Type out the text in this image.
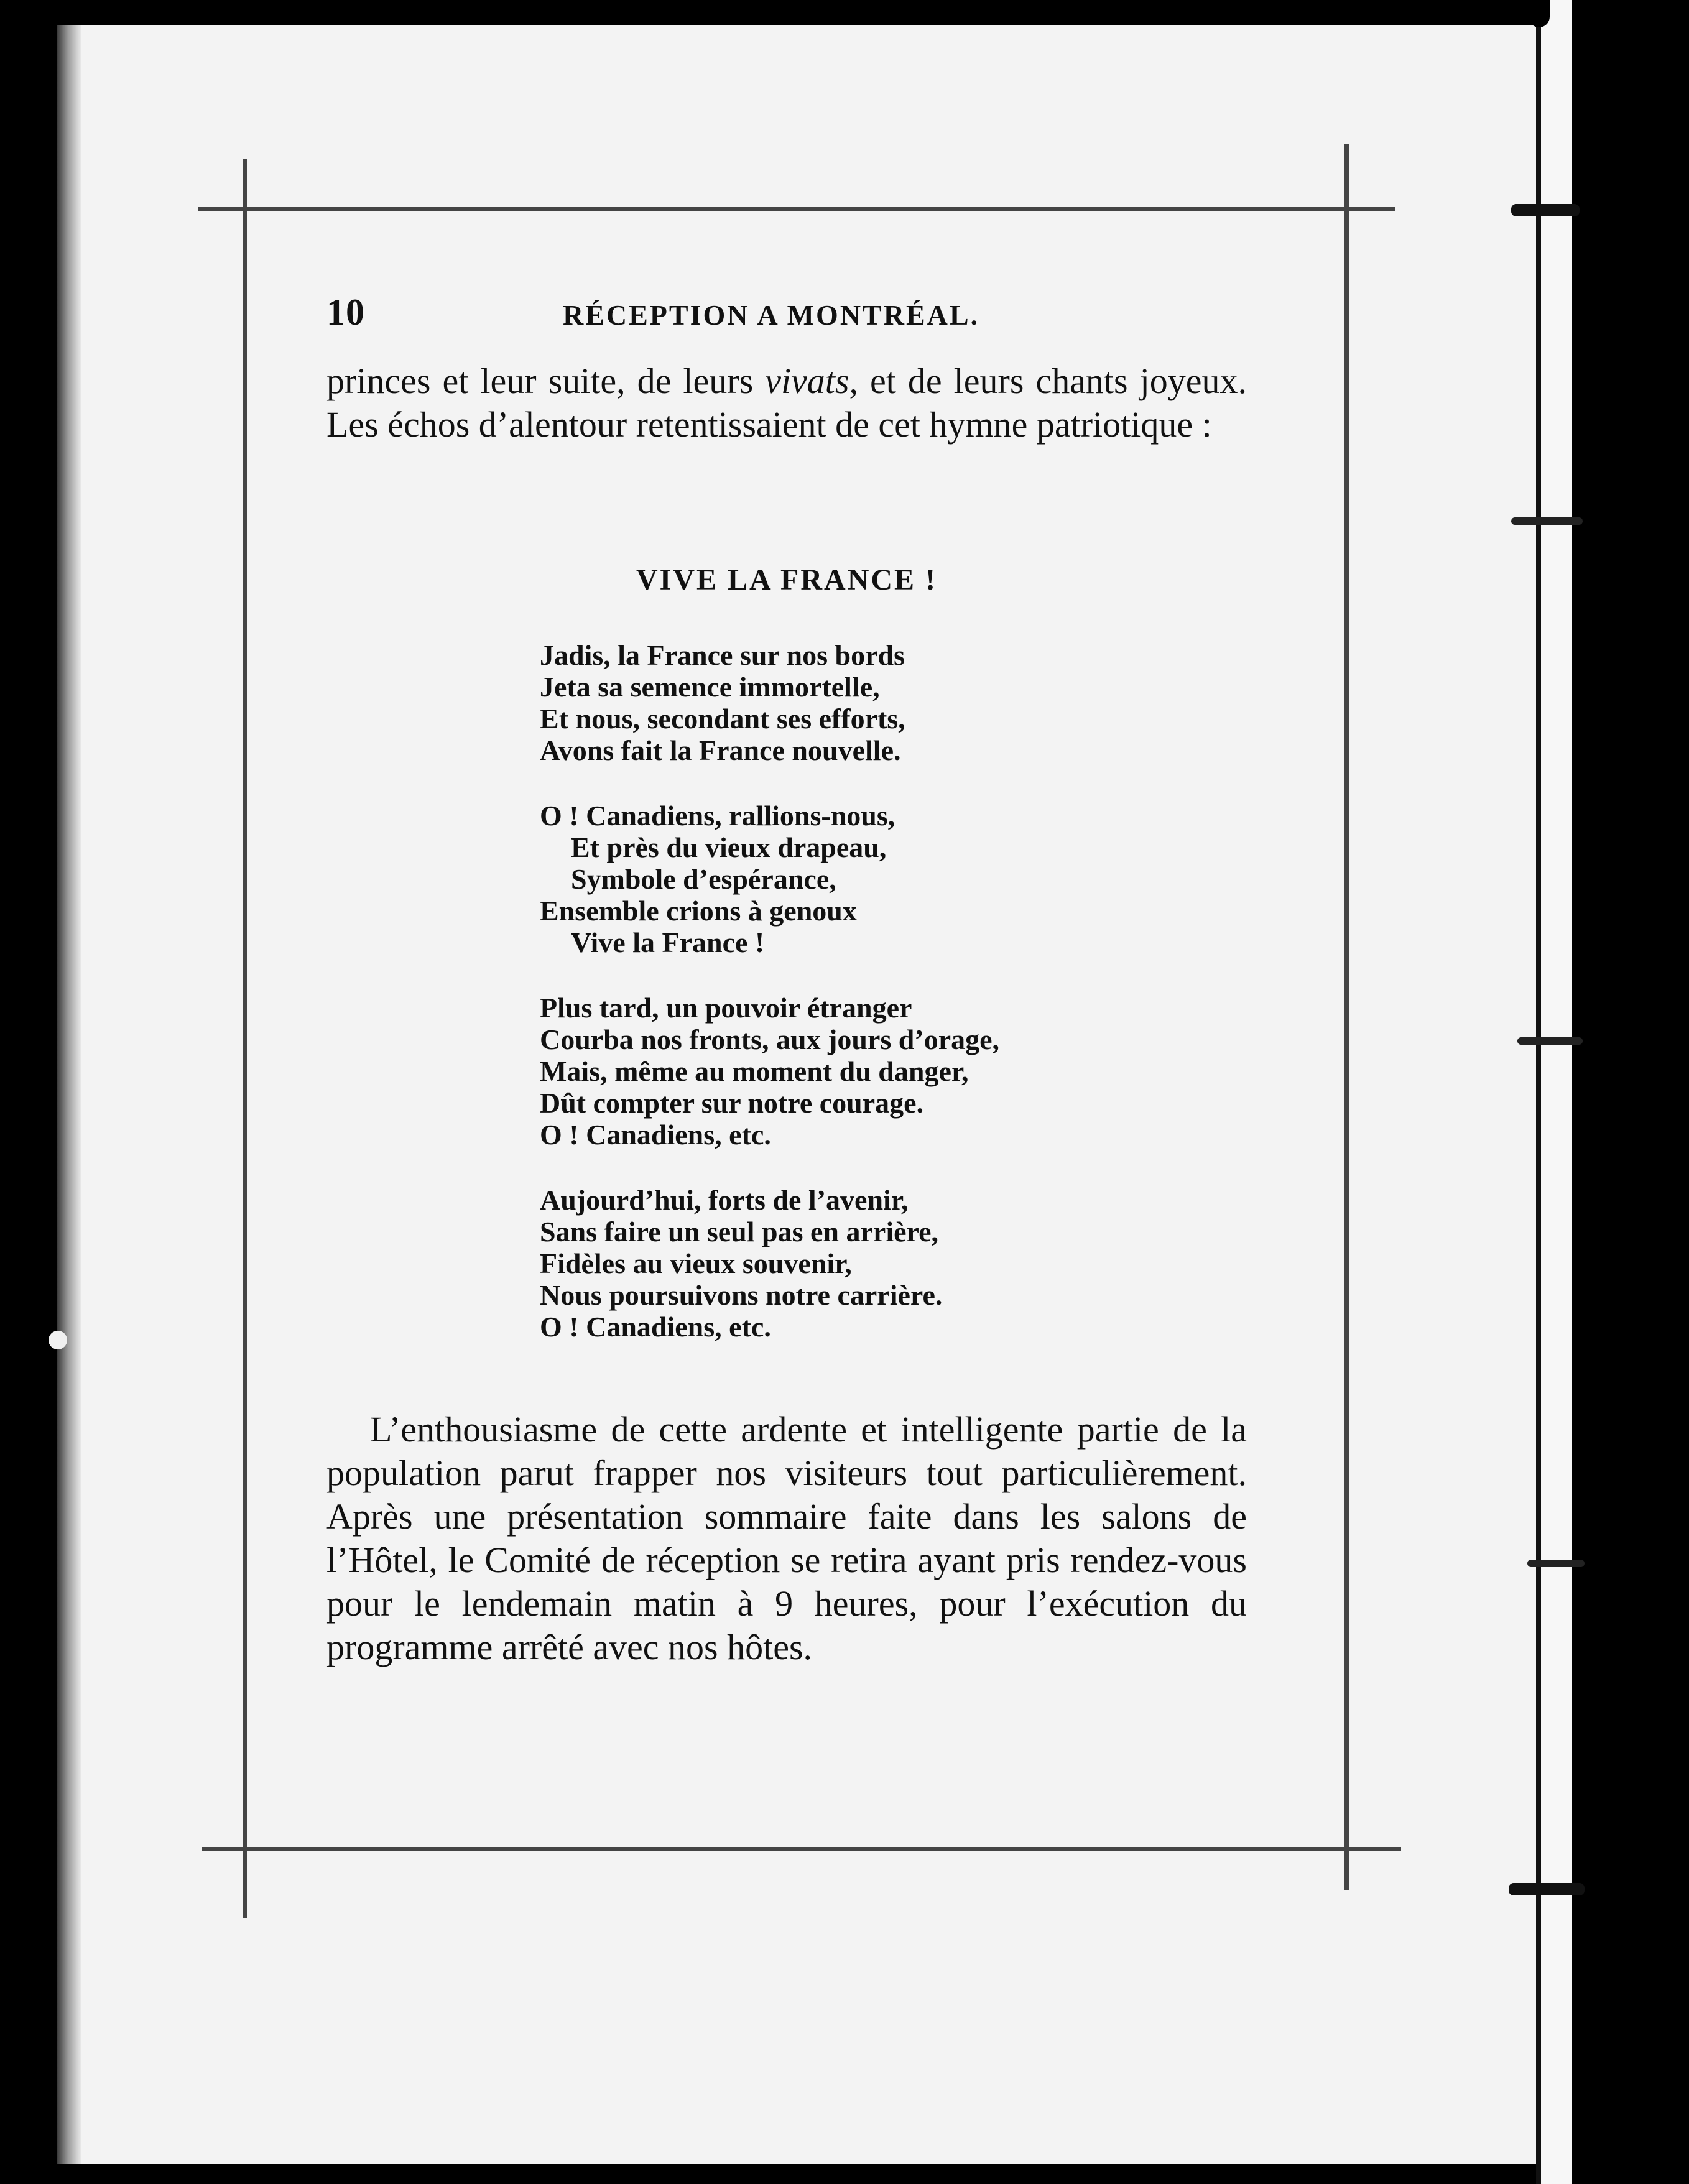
10	RÉCEPTION A MONTRÉAL.

princes et leur suite, de leurs vivats, et de leurs chants joyeux. Les échos d’alentour retentissaient de cet hymne patriotique :

VIVE LA FRANCE !
Jadis, la France sur nos bords
Jeta sa semence immortelle,
Et nous, secondant ses efforts,
Avons fait la France nouvelle.
O ! Canadiens, rallions-nous,
Et près du vieux drapeau,
Symbole d’espérance,
Ensemble crions à genoux
Vive la France !
Plus tard, un pouvoir étranger
Courba nos fronts, aux jours d’orage,
Mais, même au moment du danger,
Dût compter sur notre courage.
O ! Canadiens, etc.
Aujourd’hui, forts de l’avenir,
Sans faire un seul pas en arrière,
Fidèles au vieux souvenir,
Nous poursuivons notre carrière.
O ! Canadiens, etc.

L’enthousiasme de cette ardente et intelligente partie de la population parut frapper nos visiteurs tout particulièrement. Après une présentation sommaire faite dans les salons de l’Hôtel, le Comité de réception se retira ayant pris rendez-vous pour le lendemain matin à 9 heures, pour l’exécution du programme arrêté avec nos hôtes.
